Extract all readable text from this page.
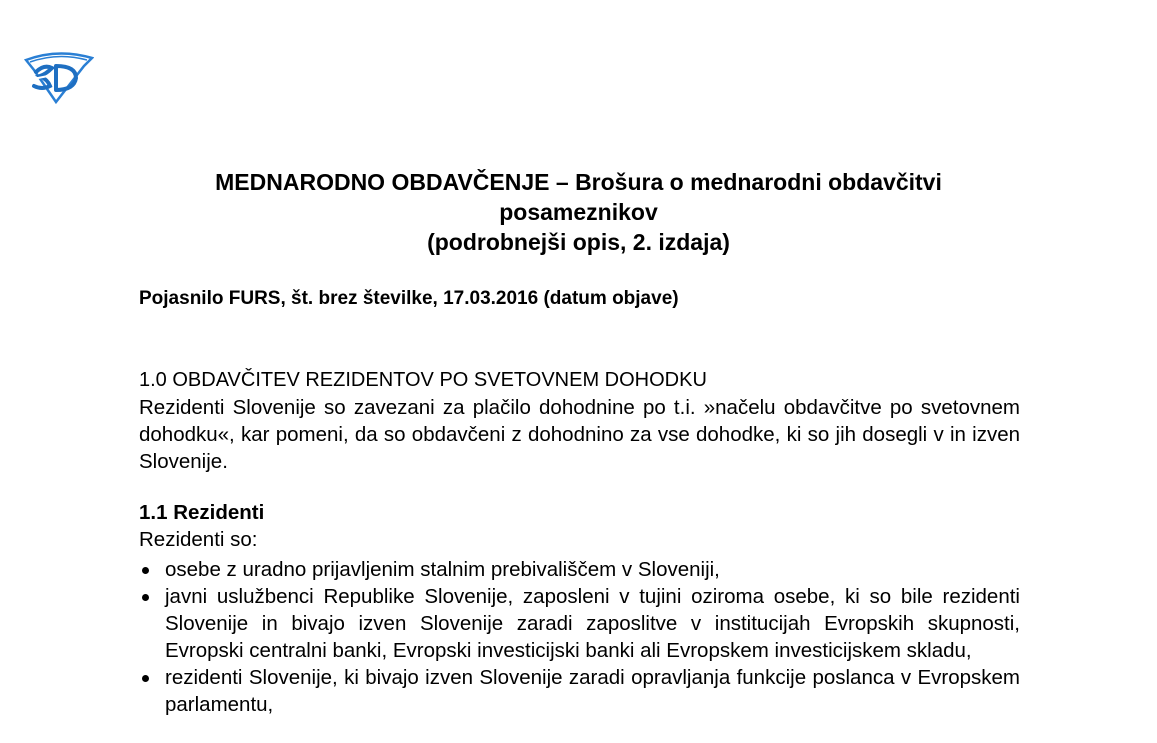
MEDNARODNO OBDAVČENJE – Brošura o mednarodni obdavčitvi
posameznikov
(podrobnejši opis, 2. izdaja)

Pojasnilo FURS, št. brez številke, 17.03.2016 (datum objave)

1.0 OBDAVČITEV REZIDENTOV PO SVETOVNEM DOHODKU

Rezidenti Slovenije so zavezani za plačilo dohodnine po t.i. »načelu obdavčitve po svetovnem dohodku«, kar pomeni, da so obdavčeni z dohodnino za vse dohodke, ki so jih dosegli v in izven Slovenije.

1.1 Rezidenti

Rezidenti so:

osebe z uradno prijavljenim stalnim prebivališčem v Sloveniji,
javni uslužbenci Republike Slovenije, zaposleni v tujini oziroma osebe, ki so bile rezidenti Slovenije in bivajo izven Slovenije zaradi zaposlitve v institucijah Evropskih skupnosti, Evropski centralni banki, Evropski investicijski banki ali Evropskem investicijskem skladu,
rezidenti Slovenije, ki bivajo izven Slovenije zaradi opravljanja funkcije poslanca v Evropskem parlamentu,
